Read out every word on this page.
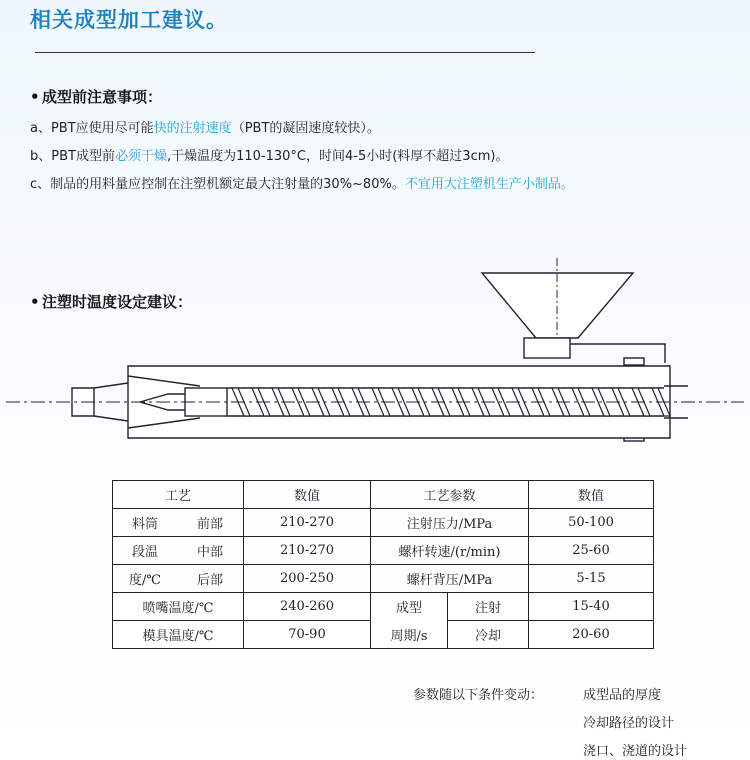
相关成型加工建议。
• 成型前注意事项：
a、PBT应使用尽可能快的注射速度（PBT的凝固速度较快）。
b、PBT成型前必须干燥,干燥温度为110-130°C，时间4-5小时(料厚不超过3cm)。
c、制品的用料量应控制在注塑机额定最大注射量的30%~80%。不宜用大注塑机生产小制品。
• 注塑时温度设定建议：
工艺		数值	工艺参数		数值
料筒	前部	210-270	注射压力/MPa		50-100
段温	中部	210-270	螺杆转速/(r/min)		25-60
度/℃	后部	200-250	螺杆背压/MPa		5-15
喷嘴温度/℃		240-260	成型	注射	15-40
模具温度/℃		70-90	周期/s	冷却	20-60
参数随以下条件变动：	成型品的厚度
冷却路径的设计
浇口、浇道的设计
